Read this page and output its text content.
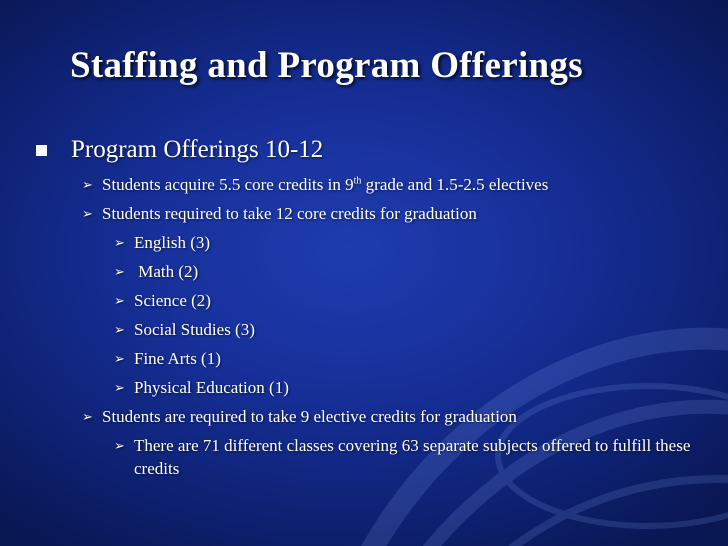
Staffing and Program Offerings
Program Offerings 10-12
➢ Students acquire 5.5 core credits in 9th grade and 1.5-2.5 electives
➢ Students required to take 12 core credits for graduation
➢ English (3)
➢ Math (2)
➢ Science (2)
➢ Social Studies (3)
➢ Fine Arts (1)
➢ Physical Education (1)
➢ Students are required to take 9 elective credits for graduation
➢ There are 71 different classes covering 63 separate subjects offered to fulfill these credits
